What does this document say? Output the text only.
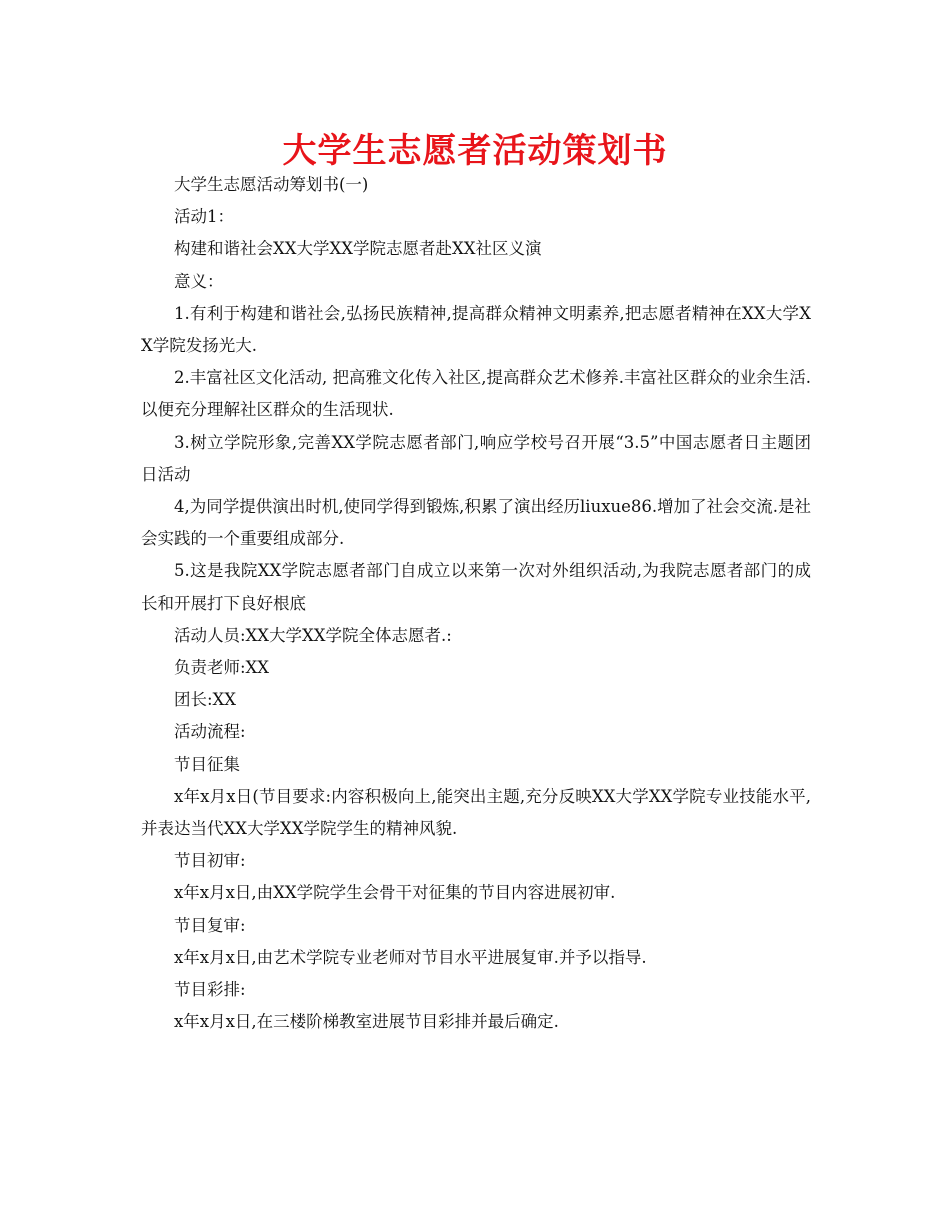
大学生志愿者活动策划书

大学生志愿活动筹划书(一)

活动1：

构建和谐社会XX大学XX学院志愿者赴XX社区义演

意义：

1.有利于构建和谐社会,弘扬民族精神,提高群众精神文明素养,把志愿者精神在XX大学XX学院发扬光大.

2.丰富社区文化活动, 把高雅文化传入社区,提高群众艺术修养.丰富社区群众的业余生活.以便充分理解社区群众的生活现状.

3.树立学院形象,完善XX学院志愿者部门,响应学校号召开展“3.5”中国志愿者日主题团日活动

4,为同学提供演出时机,使同学得到锻炼,积累了演出经历liuxue86.增加了社会交流.是社会实践的一个重要组成部分.

5.这是我院XX学院志愿者部门自成立以来第一次对外组织活动,为我院志愿者部门的成长和开展打下良好根底

活动人员:XX大学XX学院全体志愿者.:

负责老师:XX

团长:XX

活动流程:

节目征集

x年x月x日(节目要求:内容积极向上,能突出主题,充分反映XX大学XX学院专业技能水平,并表达当代XX大学XX学院学生的精神风貌.

节目初审:

x年x月x日,由XX学院学生会骨干对征集的节目内容进展初审.

节目复审:

x年x月x日,由艺术学院专业老师对节目水平进展复审.并予以指导.

节目彩排:

x年x月x日,在三楼阶梯教室进展节目彩排并最后确定.
